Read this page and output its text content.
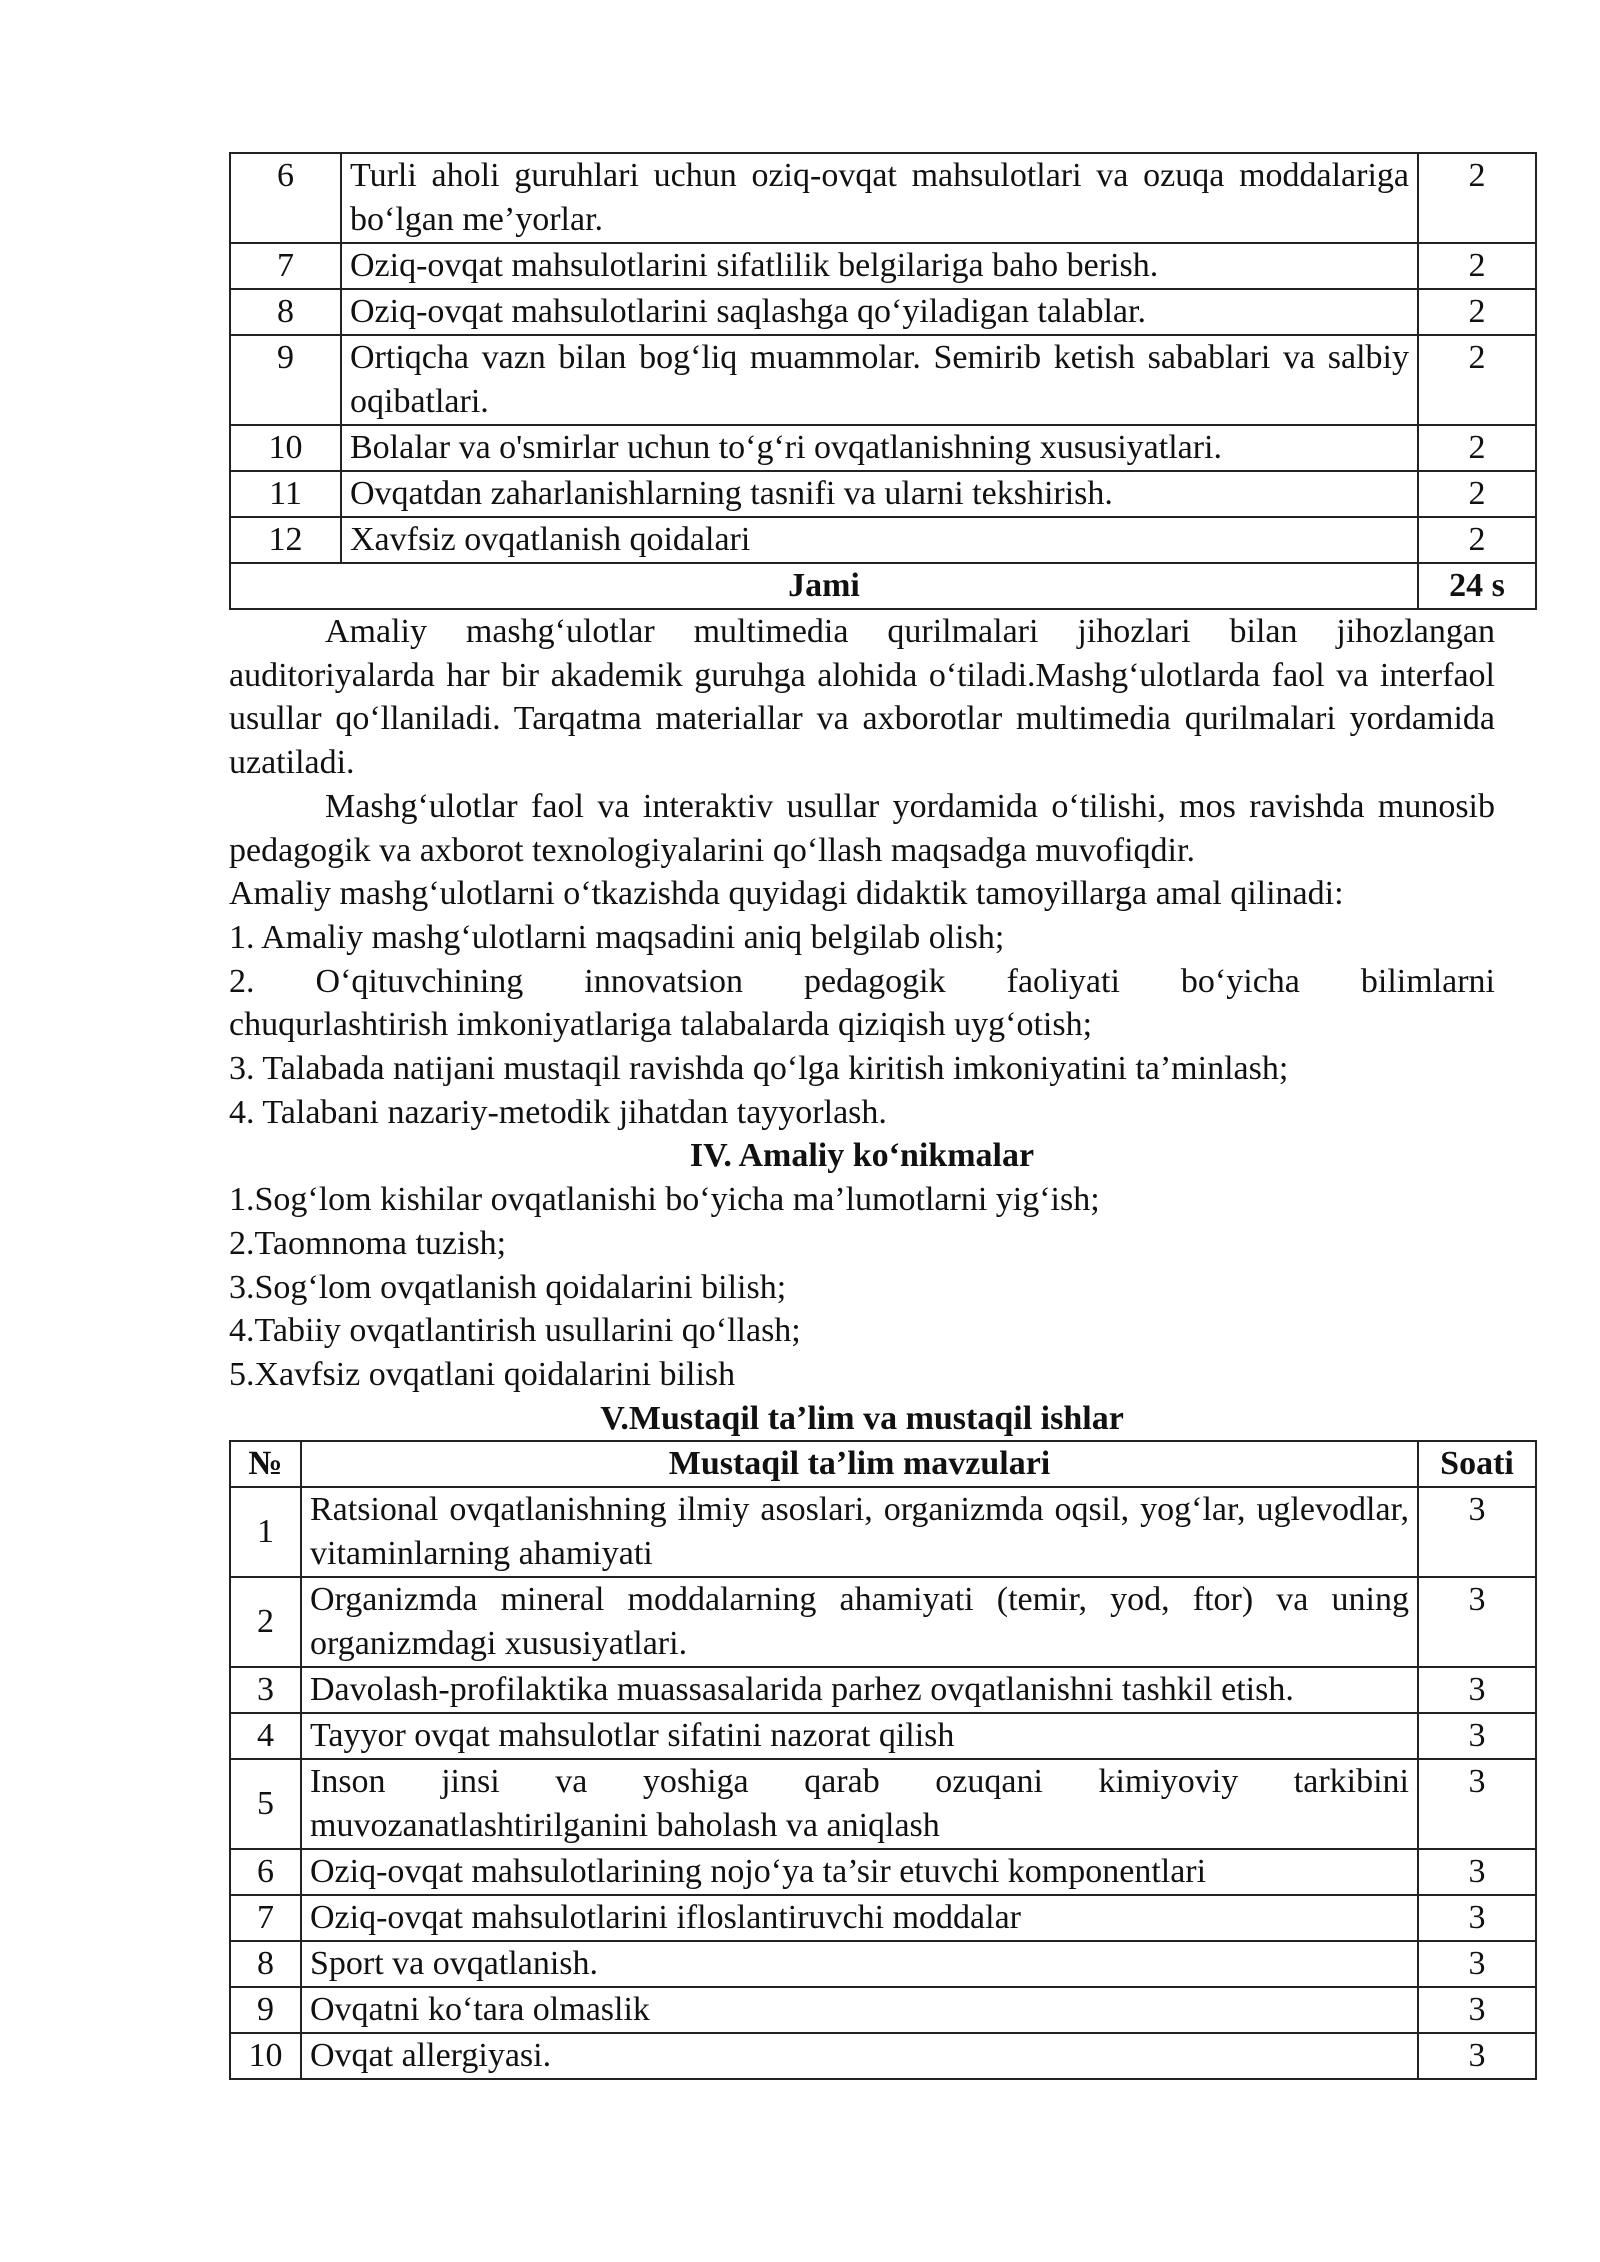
6	Turli aholi guruhlari uchun oziq-ovqat mahsulotlari va ozuqa moddalariga bo‘lgan me’yorlar.	2
7	Oziq-ovqat mahsulotlarini sifatlilik belgilariga baho berish.	2
8	Oziq-ovqat mahsulotlarini saqlashga qo‘yiladigan talablar.	2
9	Ortiqcha vazn bilan bog‘liq muammolar. Semirib ketish sabablari va salbiy oqibatlari.	2
10	Bolalar va o'smirlar uchun to‘g‘ri ovqatlanishning xususiyatlari.	2
11	Ovqatdan zaharlanishlarning tasnifi va ularni tekshirish.	2
12	Xavfsiz ovqatlanish qoidalari	2
Jami		24 s

Amaliy mashg‘ulotlar multimedia qurilmalari jihozlari bilan jihozlangan auditoriyalarda har bir akademik guruhga alohida o‘tiladi.Mashg‘ulotlarda faol va interfaol usullar qo‘llaniladi. Tarqatma materiallar va axborotlar multimedia qurilmalari yordamida uzatiladi.

Mashg‘ulotlar faol va interaktiv usullar yordamida o‘tilishi, mos ravishda munosib pedagogik va axborot texnologiyalarini qo‘llash maqsadga muvofiqdir.

Amaliy mashg‘ulotlarni o‘tkazishda quyidagi didaktik tamoyillarga amal qilinadi:

1. Amaliy mashg‘ulotlarni maqsadini aniq belgilab olish;

2. O‘qituvchining innovatsion pedagogik faoliyati bo‘yicha bilimlarni

chuqurlashtirish imkoniyatlariga talabalarda qiziqish uyg‘otish;

3. Talabada natijani mustaqil ravishda qo‘lga kiritish imkoniyatini ta’minlash;

4. Talabani nazariy-metodik jihatdan tayyorlash.

IV. Amaliy ko‘nikmalar

1.Sog‘lom kishilar ovqatlanishi bo‘yicha ma’lumotlarni yig‘ish;

2.Taomnoma tuzish;

3.Sog‘lom ovqatlanish qoidalarini bilish;

4.Tabiiy ovqatlantirish usullarini qo‘llash;

5.Xavfsiz ovqatlani qoidalarini bilish

V.Mustaqil ta’lim va mustaqil ishlar

№	Mustaqil ta’lim mavzulari	Soati
1	Ratsional ovqatlanishning ilmiy asoslari, organizmda oqsil, yog‘lar, uglevodlar, vitaminlarning ahamiyati	3
2	Organizmda mineral moddalarning ahamiyati (temir, yod, ftor) va uning organizmdagi xususiyatlari.	3
3	Davolash-profilaktika muassasalarida parhez ovqatlanishni tashkil etish.	3
4	Tayyor ovqat mahsulotlar sifatini nazorat qilish	3
5	Inson jinsi va yoshiga qarab ozuqani kimiyoviy tarkibini muvozanatlashtirilganini baholash va aniqlash	3
6	Oziq-ovqat mahsulotlarining nojo‘ya ta’sir etuvchi komponentlari	3
7	Oziq-ovqat mahsulotlarini ifloslantiruvchi moddalar	3
8	Sport va ovqatlanish.	3
9	Ovqatni ko‘tara olmaslik	3
10	Ovqat allergiyasi.	3
